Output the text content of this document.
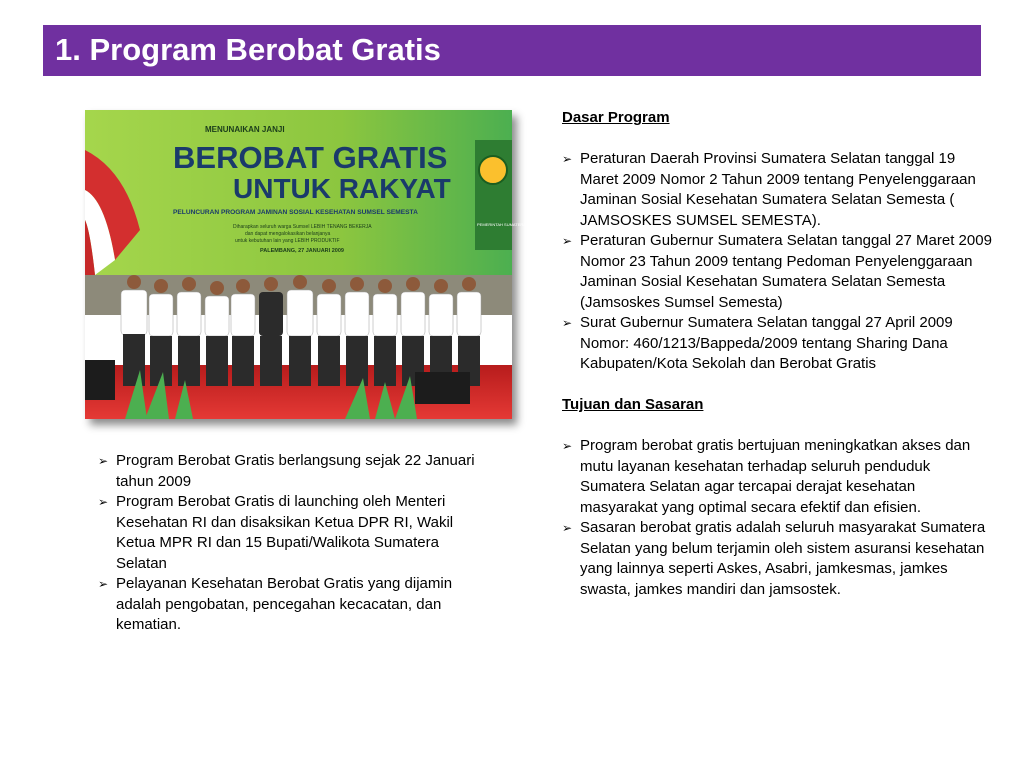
1. Program Berobat Gratis
MENUNAIKAN JANJI
BEROBAT GRATIS
UNTUK RAKYAT
PELUNCURAN PROGRAM JAMINAN SOSIAL KESEHATAN SUMSEL SEMESTA
Diharapkan seluruh warga Sumsel LEBIH TENANG BEKERJA
dan dapat mengalokasikan belanjanya
untuk kebutuhan lain yang LEBIH PRODUKTIF
PALEMBANG, 27 JANUARI 2009
PEMERINTAH SUMATERA S
➢ Program Berobat Gratis berlangsung sejak 22 Januari tahun 2009
➢ Program Berobat Gratis di launching oleh Menteri Kesehatan RI dan disaksikan Ketua DPR RI, Wakil Ketua MPR RI dan 15 Bupati/Walikota Sumatera Selatan
➢ Pelayanan Kesehatan Berobat Gratis yang dijamin adalah pengobatan, pencegahan kecacatan, dan kematian.

Dasar Program

➢ Peraturan Daerah Provinsi Sumatera Selatan tanggal 19 Maret 2009 Nomor 2 Tahun 2009 tentang Penyelenggaraan Jaminan Sosial Kesehatan Sumatera Selatan Semesta ( JAMSOSKES SUMSEL SEMESTA).
➢ Peraturan Gubernur Sumatera Selatan tanggal 27 Maret 2009 Nomor 23 Tahun 2009 tentang Pedoman Penyelenggaraan Jaminan Sosial Kesehatan Sumatera Selatan Semesta (Jamsoskes Sumsel Semesta)
➢ Surat Gubernur Sumatera Selatan tanggal 27 April 2009 Nomor: 460/1213/Bappeda/2009 tentang Sharing Dana Kabupaten/Kota Sekolah dan Berobat Gratis

Tujuan dan Sasaran

➢ Program berobat gratis bertujuan meningkatkan akses dan mutu layanan kesehatan terhadap seluruh penduduk Sumatera Selatan agar tercapai derajat kesehatan masyarakat yang optimal secara efektif dan efisien.
➢ Sasaran berobat gratis adalah seluruh masyarakat Sumatera Selatan yang belum terjamin oleh sistem asuransi kesehatan yang lainnya seperti Askes, Asabri, jamkesmas, jamkes swasta, jamkes mandiri dan jamsostek.
